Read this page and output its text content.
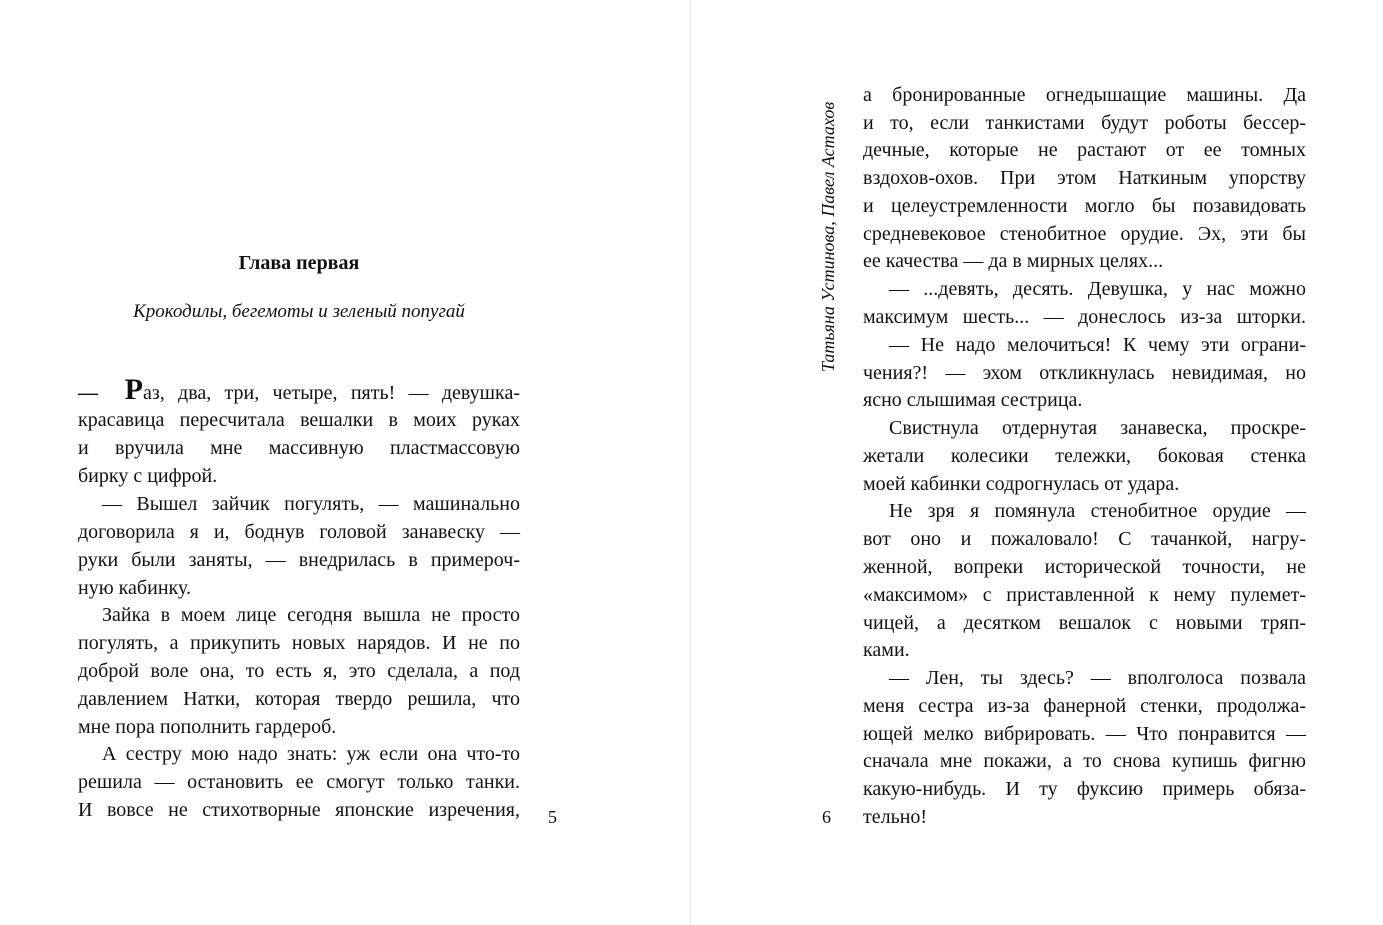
Глава первая
Крокодилы, бегемоты и зеленый попугай
— Раз, два, три, четыре, пять! — девушка-
красавица пересчитала вешалки в моих руках
и вручила мне массивную пластмассовую
бирку с цифрой.
— Вышел зайчик погулять, — машинально
договорила я и, боднув головой занавеску —
руки были заняты, — внедрилась в примероч-
ную кабинку.
Зайка в моем лице сегодня вышла не просто
погулять, а прикупить новых нарядов. И не по
доброй воле она, то есть я, это сделала, а под
давлением Натки, которая твердо решила, что
мне пора пополнить гардероб.
А сестру мою надо знать: уж если она что-то
решила — остановить ее смогут только танки.
И вовсе не стихотворные японские изречения, 5
Татьяна Устинова, Павел Астахов
а бронированные огнедышащие машины. Да
и то, если танкистами будут роботы бессер-
дечные, которые не растают от ее томных
вздохов-охов. При этом Наткиным упорству
и целеустремленности могло бы позавидовать
средневековое стенобитное орудие. Эх, эти бы
ее качества — да в мирных целях...
— ...девять, десять. Девушка, у нас можно
максимум шесть... — донеслось из-за шторки.
— Не надо мелочиться! К чему эти ограни-
чения?! — эхом откликнулась невидимая, но
ясно слышимая сестрица.
Свистнула отдернутая занавеска, проскре-
жетали колесики тележки, боковая стенка
моей кабинки содрогнулась от удара.
Не зря я помянула стенобитное орудие —
вот оно и пожаловало! С тачанкой, нагру-
женной, вопреки исторической точности, не
«максимом» с приставленной к нему пулемет-
чицей, а десятком вешалок с новыми тряп-
ками.
— Лен, ты здесь? — вполголоса позвала
меня сестра из-за фанерной стенки, продолжа-
ющей мелко вибрировать. — Что понравится —
сначала мне покажи, а то снова купишь фигню
какую-нибудь. И ту фуксию примерь обяза-
тельно!
6
